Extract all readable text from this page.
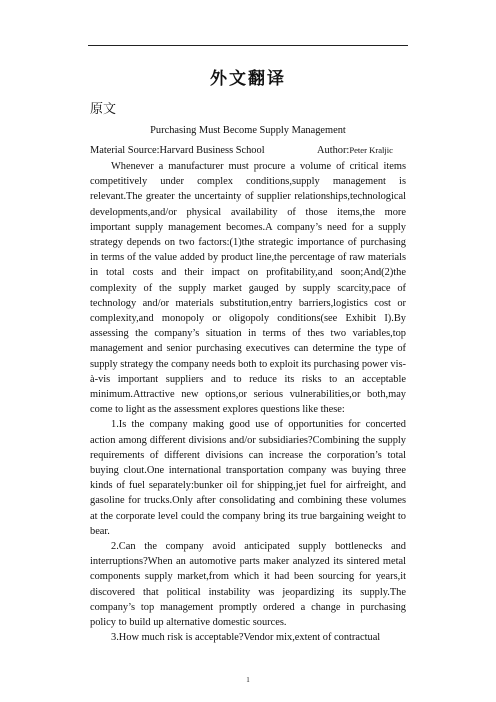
外文翻译
原文
Purchasing Must Become Supply Management
Material Source:Harvard Business School	Author:Peter Kraljic

Whenever a manufacturer must procure a volume of critical items competitively under complex conditions,supply management is relevant.The greater the uncertainty of supplier relationships,technological developments,and/or physical availability of those items,the more important supply management becomes.A company’s need for a supply strategy depends on two factors:(1)the strategic importance of purchasing in terms of the value added by product line,the percentage of raw materials in total costs and their impact on profitability,and soon;And(2)the complexity of the supply market gauged by supply scarcity,pace of technology and/or materials substitution,entry barriers,logistics cost or complexity,and monopoly or oligopoly conditions(see Exhibit I).By assessing the company’s situation in terms of thes two variables,top management and senior purchasing executives can determine the type of supply strategy the company needs both to exploit its purchasing power vis-à-vis important suppliers and to reduce its risks to an acceptable minimum.Attractive new options,or serious vulnerabilities,or both,may come to light as the assessment explores questions like these:

1.Is the company making good use of opportunities for concerted action among different divisions and/or subsidiaries?Combining the supply requirements of different divisions can increase the corporation’s total buying clout.One international transportation company was buying three kinds of fuel separately:bunker oil for shipping,jet fuel for airfreight, and gasoline for trucks.Only after consolidating and combining these volumes at the corporate level could the company bring its true bargaining weight to bear.

2.Can the company avoid anticipated supply bottlenecks and interruptions?When an automotive parts maker analyzed its sintered metal components supply market,from which it had been sourcing for years,it discovered that political instability was jeopardizing its supply.The company’s top management promptly ordered a change in purchasing policy to build up alternative domestic sources.

3.How much risk is acceptable?Vendor mix,extent of contractual

1
